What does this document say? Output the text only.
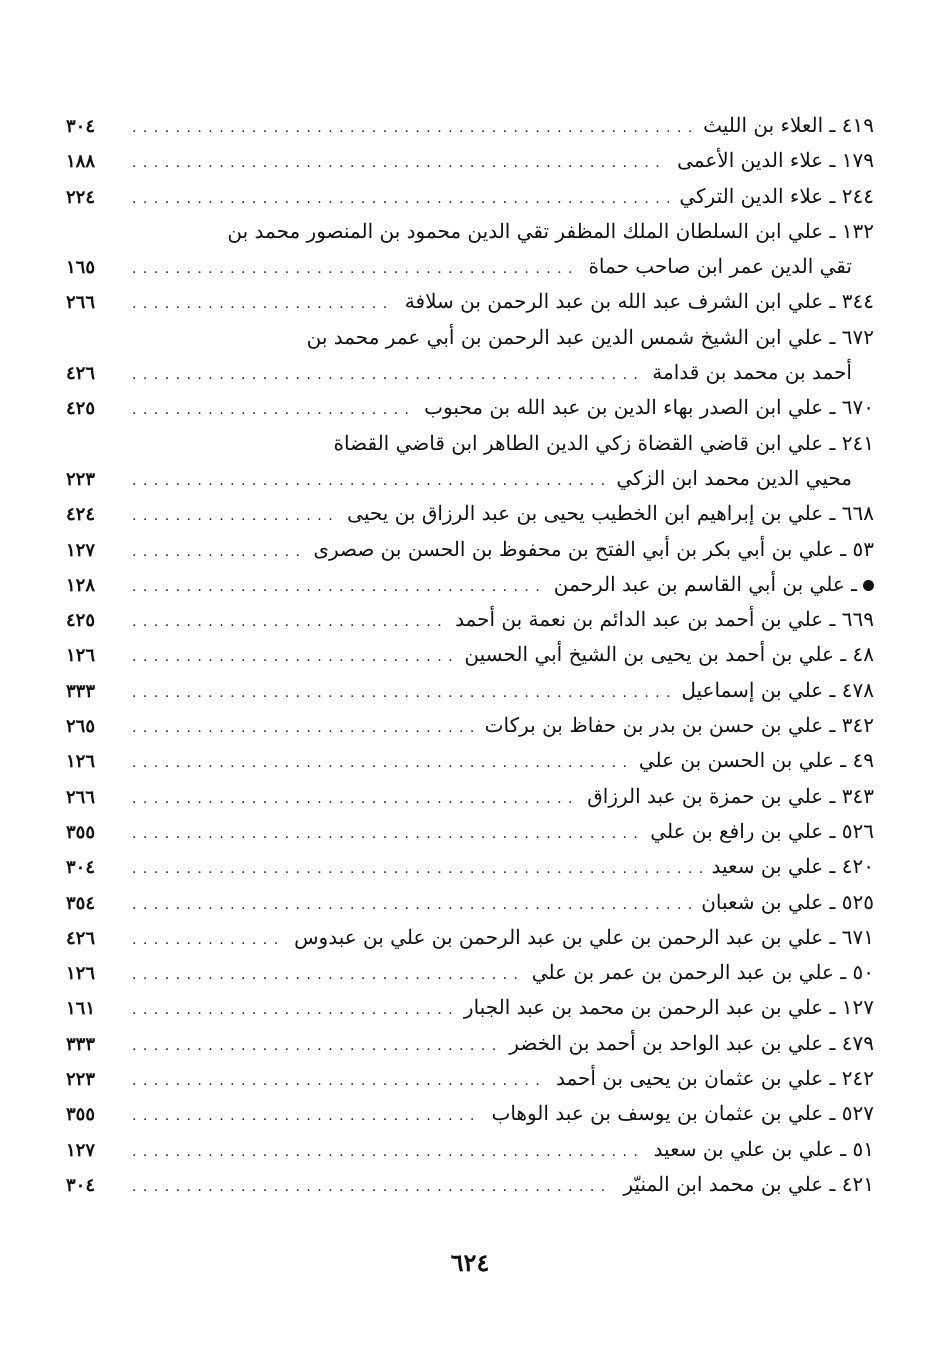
٤١٩ ـ العلاء بن الليث
. . .
٣٠٤
١٧٩ ـ علاء الدين الأعمى
. . .
١٨٨
٢٤٤ ـ علاء الدين التركي
. . .
٢٢٤
١٣٢ ـ علي ابن السلطان الملك المظفر تقي الدين محمود بن المنصور محمد بن
تقي الدين عمر ابن صاحب حماة
. . .
١٦٥
٣٤٤ ـ علي ابن الشرف عبد الله بن عبد الرحمن بن سلافة
. . .
٢٦٦
٦٧٢ ـ علي ابن الشيخ شمس الدين عبد الرحمن بن أبي عمر محمد بن
أحمد بن محمد بن قدامة
. . .
٤٢٦
٦٧٠ ـ علي ابن الصدر بهاء الدين بن عبد الله بن محبوب
. . .
٤٢٥
٢٤١ ـ علي ابن قاضي القضاة زكي الدين الطاهر ابن قاضي القضاة
محيي الدين محمد ابن الزكي
. . .
٢٢٣
٦٦٨ ـ علي بن إبراهيم ابن الخطيب يحيى بن عبد الرزاق بن يحيى
. . .
٤٢٤
٥٣ ـ علي بن أبي بكر بن أبي الفتح بن محفوظ بن الحسن بن صصرى
. . .
١٢٧
ـ علي بن أبي القاسم بن عبد الرحمن
. . .
١٢٨
٦٦٩ ـ علي بن أحمد بن عبد الدائم بن نعمة بن أحمد
. . .
٤٢٥
٤٨ ـ علي بن أحمد بن يحيى بن الشيخ أبي الحسين
. . .
١٢٦
٤٧٨ ـ علي بن إسماعيل
. . .
٣٣٣
٣٤٢ ـ علي بن حسن بن بدر بن حفاظ بن بركات
. . .
٢٦٥
٤٩ ـ علي بن الحسن بن علي
. . .
١٢٦
٣٤٣ ـ علي بن حمزة بن عبد الرزاق
. . .
٢٦٦
٥٢٦ ـ علي بن رافع بن علي
. . .
٣٥٥
٤٢٠ ـ علي بن سعيد
. . .
٣٠٤
٥٢٥ ـ علي بن شعبان
. . .
٣٥٤
٦٧١ ـ علي بن عبد الرحمن بن علي بن عبد الرحمن بن علي بن عبدوس
. . .
٤٢٦
٥٠ ـ علي بن عبد الرحمن بن عمر بن علي
. . .
١٢٦
١٢٧ ـ علي بن عبد الرحمن بن محمد بن عبد الجبار
. . .
١٦١
٤٧٩ ـ علي بن عبد الواحد بن أحمد بن الخضر
. . .
٣٣٣
٢٤٢ ـ علي بن عثمان بن يحيى بن أحمد
. . .
٢٢٣
٥٢٧ ـ علي بن عثمان بن يوسف بن عبد الوهاب
. . .
٣٥٥
٥١ ـ علي بن علي بن سعيد
. . .
١٢٧
٤٢١ ـ علي بن محمد ابن المنيّر
. . .
٣٠٤
٦٢٤
